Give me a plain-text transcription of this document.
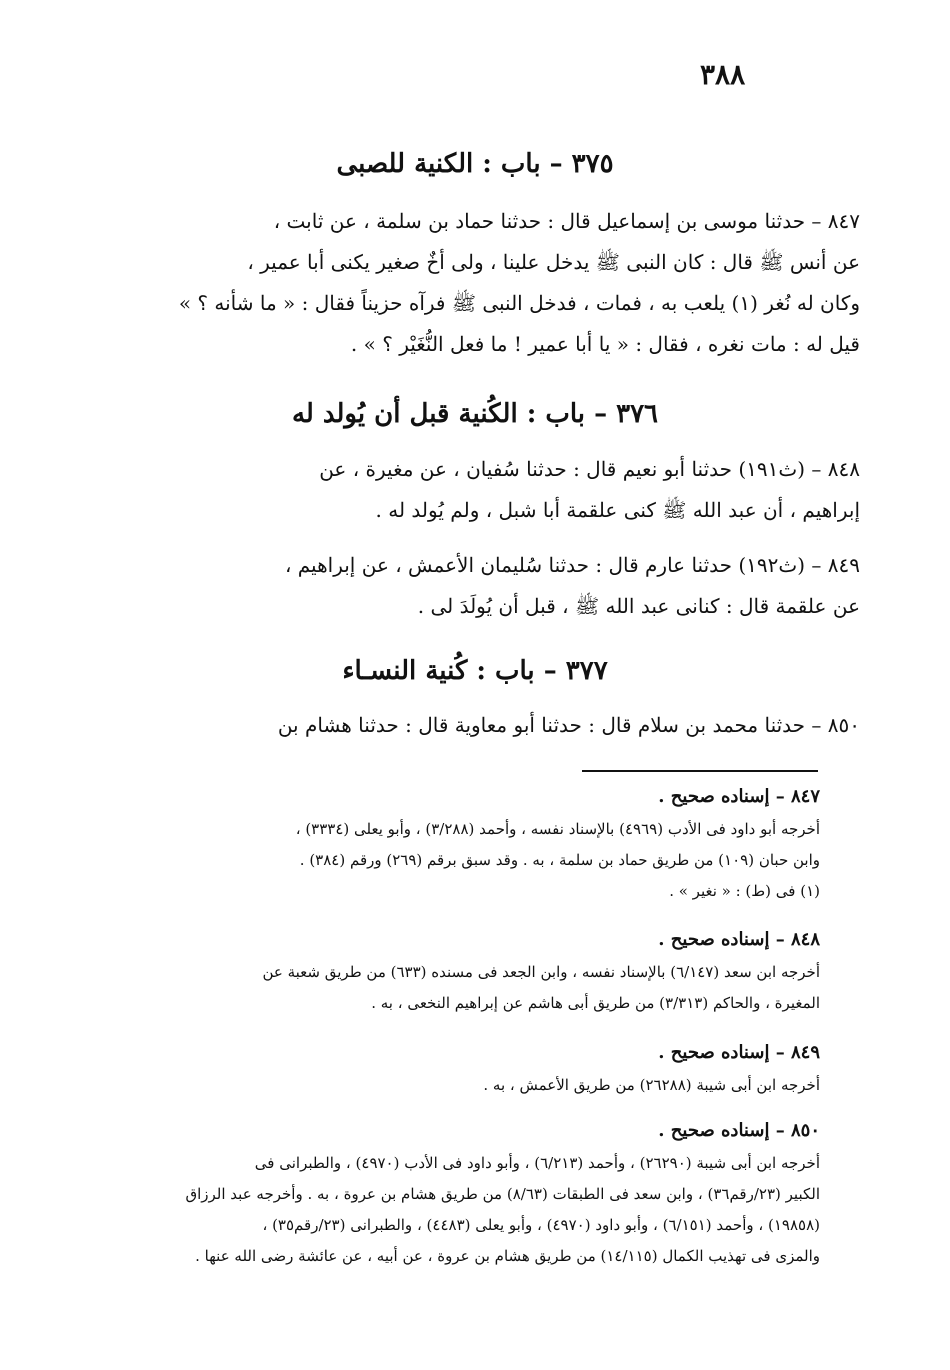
٣٨٨
٣٧٥ – باب : الكنية للصبى
٨٤٧ – حدثنا موسى بن إسماعيل قال : حدثنا حماد بن سلمة ، عن ثابت ،
عن أنس ﷺ قال : كان النبى ﷺ يدخل علينا ، ولى أخٌ صغير يكنى أبا عمير ،
وكان له نُغر (١) يلعب به ، فمات ، فدخل النبى ﷺ فرآه حزيناً فقال : « ما شأنه ؟ »
قيل له : مات نغره ، فقال : « يا أبا عمير ! ما فعل النُّغَيْر ؟ » .
٣٧٦ – باب : الكُنية قبل أن يُولد له
٨٤٨ – (ث١٩١) حدثنا أبو نعيم قال : حدثنا سُفيان ، عن مغيرة ، عن
إبراهيم ، أن عبد الله ﷺ كنى علقمة أبا شبل ، ولم يُولد له .
٨٤٩ – (ث١٩٢) حدثنا عارم قال : حدثنا سُليمان الأعمش ، عن إبراهيم ،
عن علقمة قال : كنانى عبد الله ﷺ ، قبل أن يُولَدَ لى .
٣٧٧ – باب : كُنية النسـاء
٨٥٠ – حدثنا محمد بن سلام قال : حدثنا أبو معاوية قال : حدثنا هشام بن
٨٤٧ – إسناده صحيح .
أخرجه أبو داود فى الأدب (٤٩٦٩) بالإسناد نفسه ، وأحمد (٣/٢٨٨) ، وأبو يعلى (٣٣٣٤) ،
وابن حبان (١٠٩) من طريق حماد بن سلمة ، به . وقد سبق برقم (٢٦٩) ورقم (٣٨٤) .
(١) فى (ط) : « نغير » .
٨٤٨ – إسناده صحيح .
أخرجه ابن سعد (٦/١٤٧) بالإسناد نفسه ، وابن الجعد فى مسنده (٦٣٣) من طريق شعبة عن
المغيرة ، والحاكم (٣/٣١٣) من طريق أبى هاشم عن إبراهيم النخعى ، به .
٨٤٩ – إسناده صحيح .
أخرجه ابن أبى شيبة (٢٦٢٨٨) من طريق الأعمش ، به .
٨٥٠ – إسناده صحيح .
أخرجه ابن أبى شيبة (٢٦٢٩٠) ، وأحمد (٦/٢١٣) ، وأبو داود فى الأدب (٤٩٧٠) ، والطبرانى فى
الكبير (٢٣/رقم٣٦) ، وابن سعد فى الطبقات (٨/٦٣) من طريق هشام بن عروة ، به . وأخرجه عبد الرزاق
(١٩٨٥٨) ، وأحمد (٦/١٥١) ، وأبو داود (٤٩٧٠) ، وأبو يعلى (٤٤٨٣) ، والطبرانى (٢٣/رقم٣٥) ،
والمزى فى تهذيب الكمال (١٤/١١٥) من طريق هشام بن عروة ، عن أبيه ، عن عائشة رضى الله عنها .
